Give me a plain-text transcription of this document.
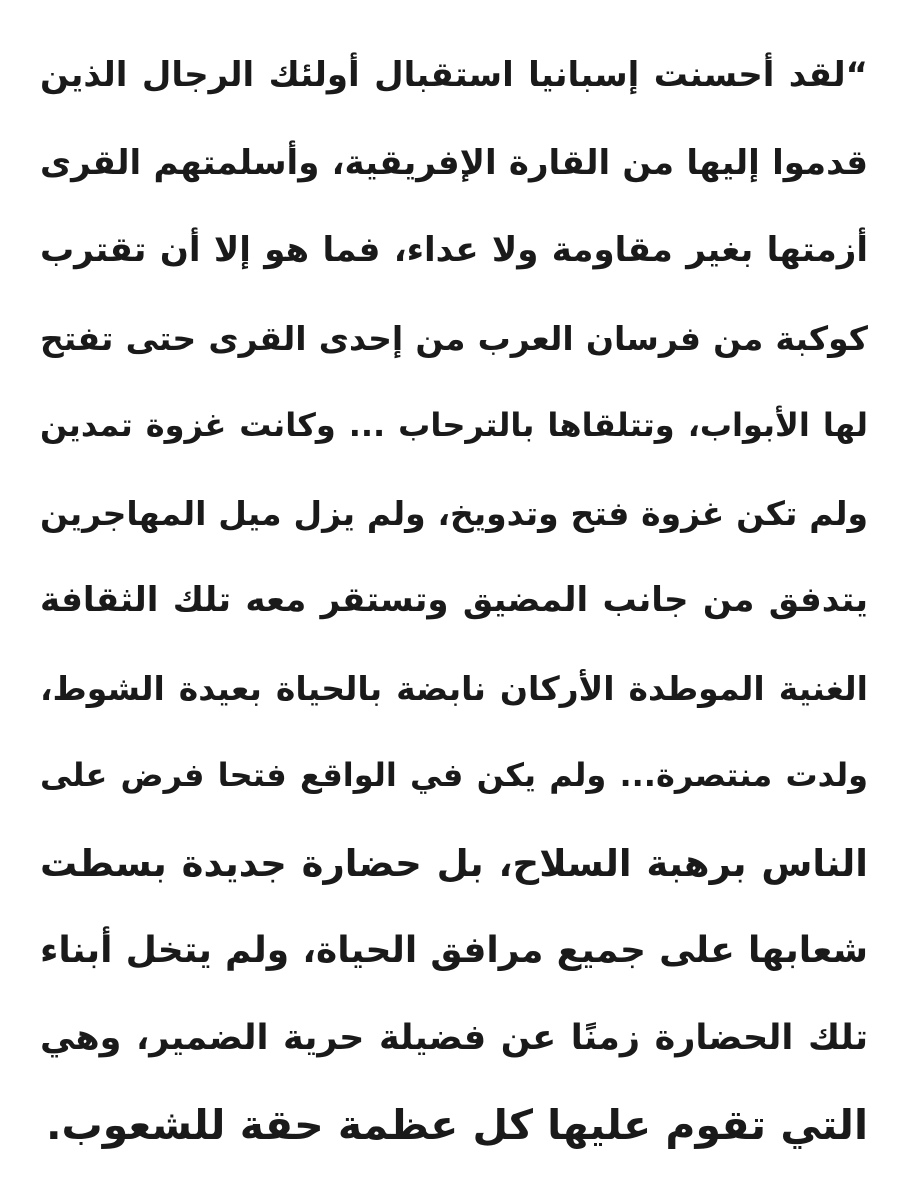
“لقد أحسنت إسبانيا استقبال أولئك الرجال الذين
قدموا إليها من القارة الإفريقية، وأسلمتهم القرى
أزمتها بغير مقاومة ولا عداء، فما هو إلا أن تقترب
كوكبة من فرسان العرب من إحدى القرى حتى تفتح
لها الأبواب، وتتلقاها بالترحاب ... وكانت غزوة تمدين
ولم تكن غزوة فتح وتدويخ، ولم يزل ميل المهاجرين
يتدفق من جانب المضيق وتستقر معه تلك الثقافة
الغنية الموطدة الأركان نابضة بالحياة بعيدة الشوط،
ولدت منتصرة... ولم يكن في الواقع فتحا فرض على
الناس برهبة السلاح، بل حضارة جديدة بسطت
شعابها على جميع مرافق الحياة، ولم يتخل أبناء
تلك الحضارة زمنًا عن فضيلة حرية الضمير، وهي
التي تقوم عليها كل عظمة حقة للشعوب.
